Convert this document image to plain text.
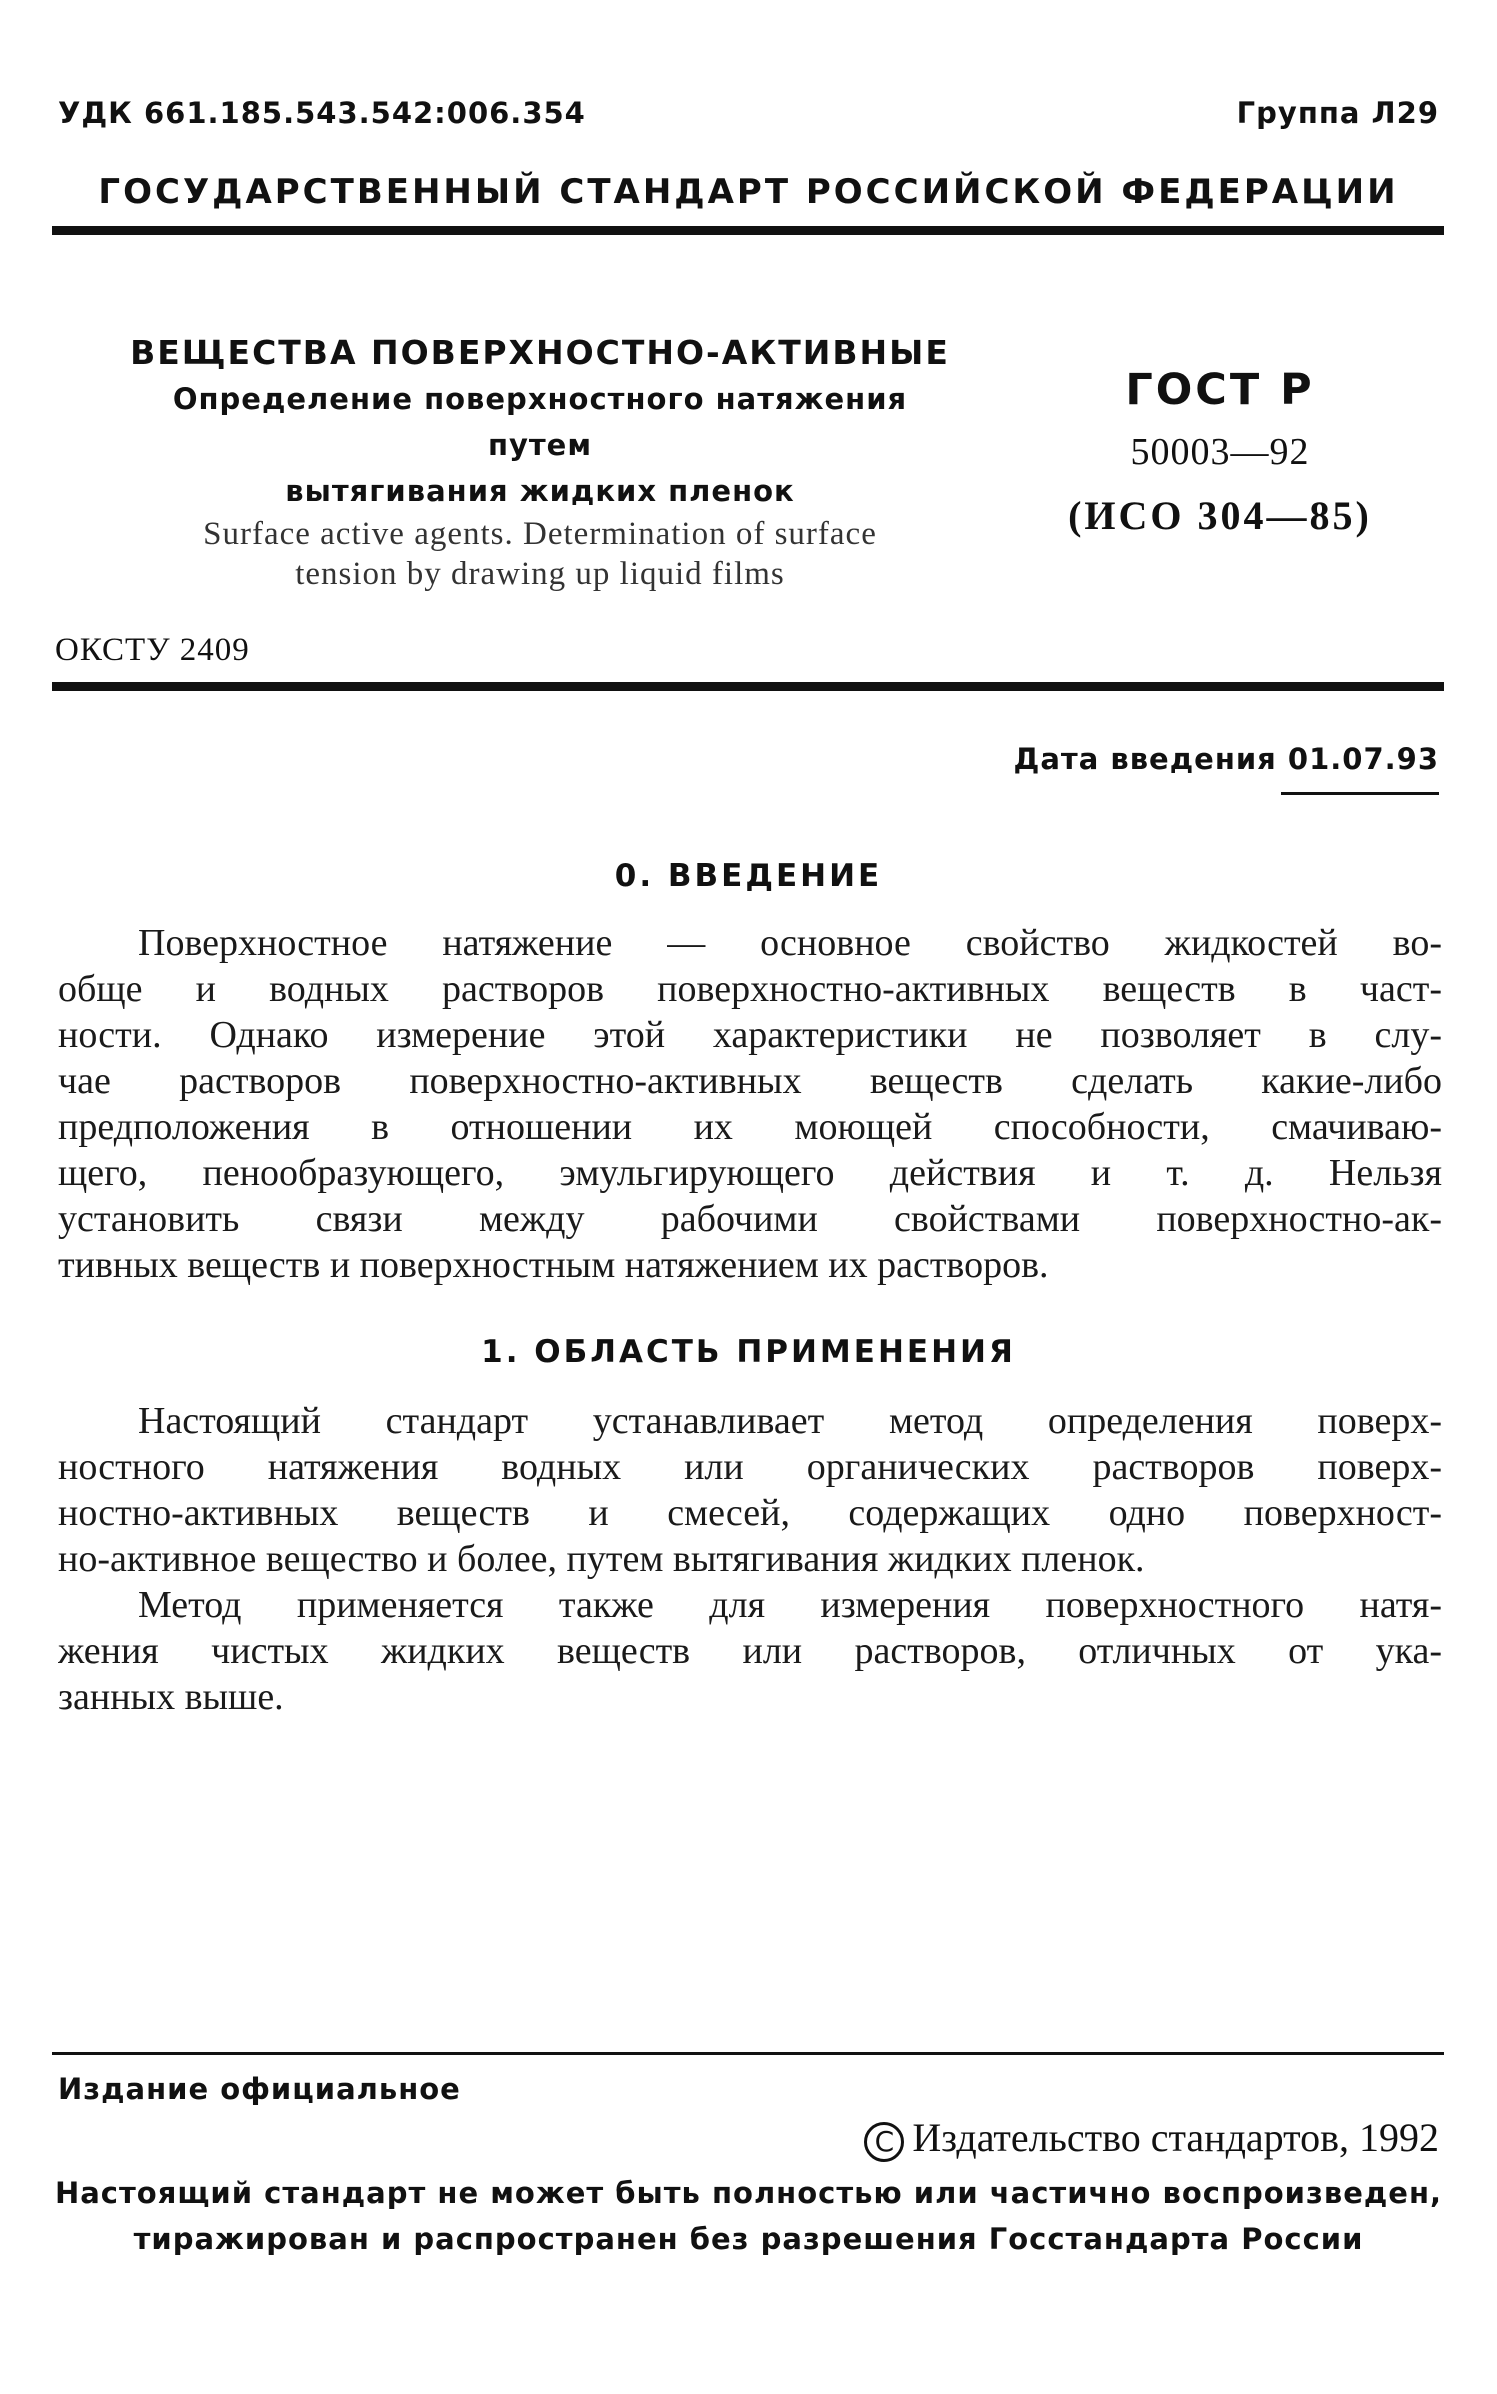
УДК 661.185.543.542:006.354	Группа Л29
ГОСУДАРСТВЕННЫЙ СТАНДАРТ РОССИЙСКОЙ ФЕДЕРАЦИИ
ВЕЩЕСТВА ПОВЕРХНОСТНО-АКТИВНЫЕ
Определение поверхностного натяжения путем
вытягивания жидких пленок
Surface active agents. Determination of surface
tension by drawing up liquid films
ГОСТ Р
50003—92
(ИСО 304—85)
ОКСТУ 2409
Дата введения 01.07.93
0. ВВЕДЕНИЕ
Поверхностное натяжение — основное свойство жидкостей во-
обще и водных растворов поверхностно-активных веществ в част-
ности. Однако измерение этой характеристики не позволяет в слу-
чае растворов поверхностно-активных веществ сделать какие-либо
предположения в отношении их моющей способности, смачиваю-
щего, пенообразующего, эмульгирующего действия и т. д. Нельзя
установить связи между рабочими свойствами поверхностно-ак-
тивных веществ и поверхностным натяжением их растворов.
1. ОБЛАСТЬ ПРИМЕНЕНИЯ
Настоящий стандарт устанавливает метод определения поверх-
ностного натяжения водных или органических растворов поверх-
ностно-активных веществ и смесей, содержащих одно поверхност-
но-активное вещество и более, путем вытягивания жидких пленок.
Метод применяется также для измерения поверхностного натя-
жения чистых жидких веществ или растворов, отличных от ука-
занных выше.
Издание официальное
C Издательство стандартов, 1992
Настоящий стандарт не может быть полностью или частично воспроизведен,
тиражирован и распространен без разрешения Госстандарта России
